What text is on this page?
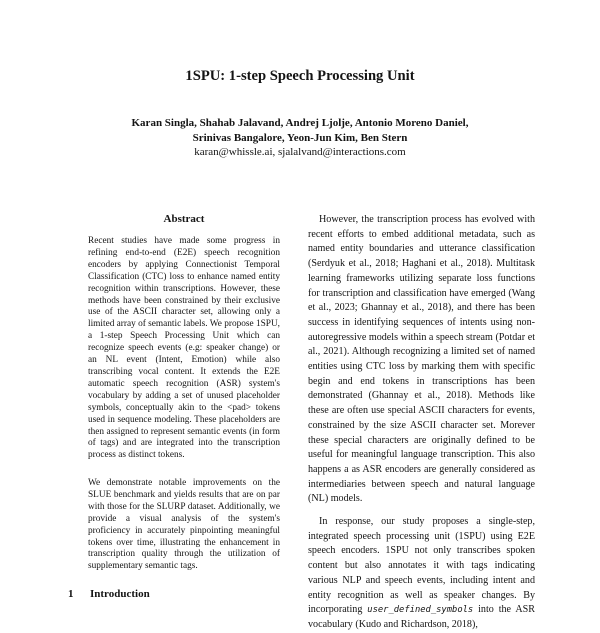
1SPU: 1-step Speech Processing Unit
Karan Singla, Shahab Jalavand, Andrej Ljolje, Antonio Moreno Daniel,
Srinivas Bangalore, Yeon-Jun Kim, Ben Stern
karan@whissle.ai, sjalalvand@interactions.com
Abstract
Recent studies have made some progress in refining end-to-end (E2E) speech recognition encoders by applying Connectionist Temporal Classification (CTC) loss to enhance named entity recognition within transcriptions. However, these methods have been constrained by their exclusive use of the ASCII character set, allowing only a limited array of semantic labels. We propose 1SPU, a 1-step Speech Processing Unit which can recognize speech events (e.g: speaker change) or an NL event (Intent, Emotion) while also transcribing vocal content. It extends the E2E automatic speech recognition (ASR) system's vocabulary by adding a set of unused placeholder symbols, conceptually akin to the <pad> tokens used in sequence modeling. These placeholders are then assigned to represent semantic events (in form of tags) and are integrated into the transcription process as distinct tokens.
We demonstrate notable improvements on the SLUE benchmark and yields results that are on par with those for the SLURP dataset. Additionally, we provide a visual analysis of the system's proficiency in accurately pinpointing meaningful tokens over time, illustrating the enhancement in transcription quality through the utilization of supplementary semantic tags.
1 Introduction
However, the transcription process has evolved with recent efforts to embed additional metadata, such as named entity boundaries and utterance classification (Serdyuk et al., 2018; Haghani et al., 2018). Multitask learning frameworks utilizing separate loss functions for transcription and classification have emerged (Wang et al., 2023; Ghannay et al., 2018), and there has been success in identifying sequences of intents using non-autoregressive models within a speech stream (Potdar et al., 2021). Although recognizing a limited set of named entities using CTC loss by marking them with specific begin and end tokens in transcriptions has been demonstrated (Ghannay et al., 2018). Methods like these are often use special ASCII characters for events, constrained by the size ASCII character set. Morever these special characters are originally defined to be useful for meaningful language transcription. This also happens a as ASR encoders are generally considered as intermediaries between speech and natural language (NL) models.
In response, our study proposes a single-step, integrated speech processing unit (1SPU) using E2E speech encoders. 1SPU not only transcribes spoken content but also annotates it with tags indicating various NLP and speech events, including intent and entity recognition as well as speaker changes. By incorporating user_defined_symbols into the ASR vocabulary (Kudo and Richardson, 2018),
